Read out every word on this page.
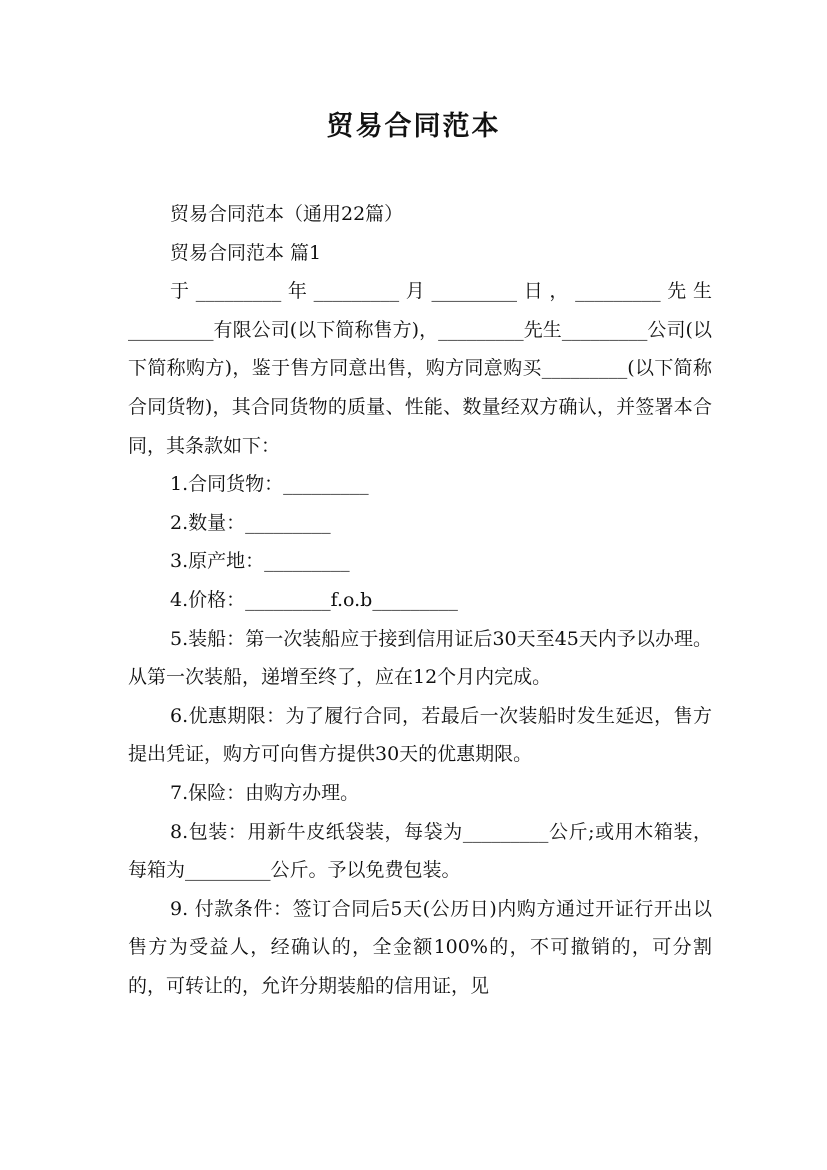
贸易合同范本

贸易合同范本（通用22篇）

贸易合同范本 篇1

于_________年_________月_________日，_________先生_________有限公司(以下简称售方)，_________先生_________公司(以下简称购方)，鉴于售方同意出售，购方同意购买_________(以下简称合同货物)，其合同货物的质量、性能、数量经双方确认，并签署本合同，其条款如下：

1.合同货物：_________

2.数量：_________

3.原产地：_________

4.价格：_________f.o.b_________

5.装船：第一次装船应于接到信用证后30天至45天内予以办理。从第一次装船，递增至终了，应在12个月内完成。

6.优惠期限：为了履行合同，若最后一次装船时发生延迟，售方提出凭证，购方可向售方提供30天的优惠期限。

7.保险：由购方办理。

8.包装：用新牛皮纸袋装，每袋为_________公斤;或用木箱装，每箱为_________公斤。予以免费包装。

9. 付款条件：签订合同后5天(公历日)内购方通过开证行开出以售方为受益人，经确认的，全金额100%的，不可撤销的，可分割的，可转让的，允许分期装船的信用证，见
